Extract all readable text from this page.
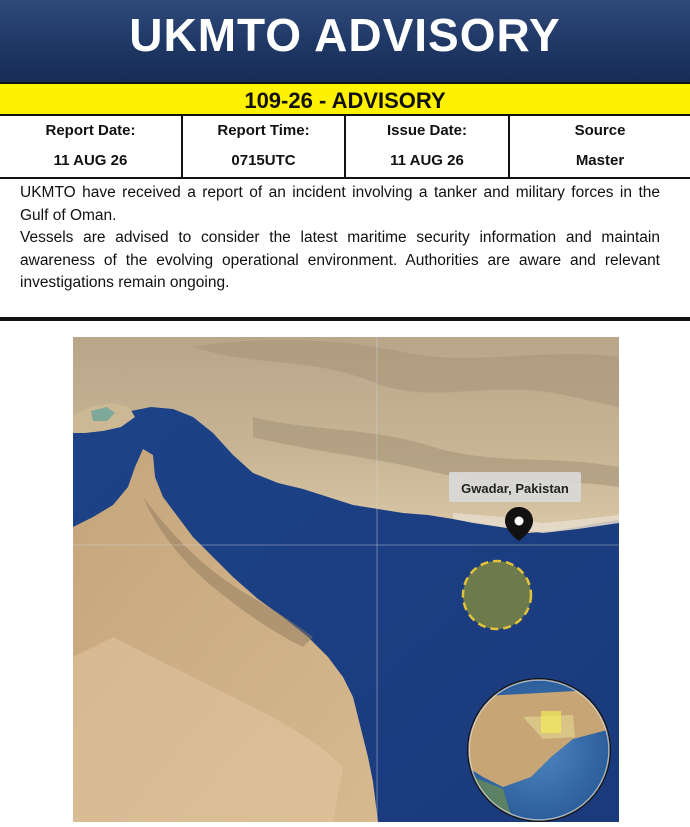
UKMTO ADVISORY
109-26 - ADVISORY
Report Date:
11 AUG 26
Report Time:
0715UTC
Issue Date:
11 AUG 26
Source
Master

UKMTO have received a report of an incident involving a tanker and military forces in the Gulf of Oman.

Vessels are advised to consider the latest maritime security information and maintain awareness of the evolving operational environment. Authorities are aware and relevant investigations remain ongoing.

Gwadar, Pakistan
